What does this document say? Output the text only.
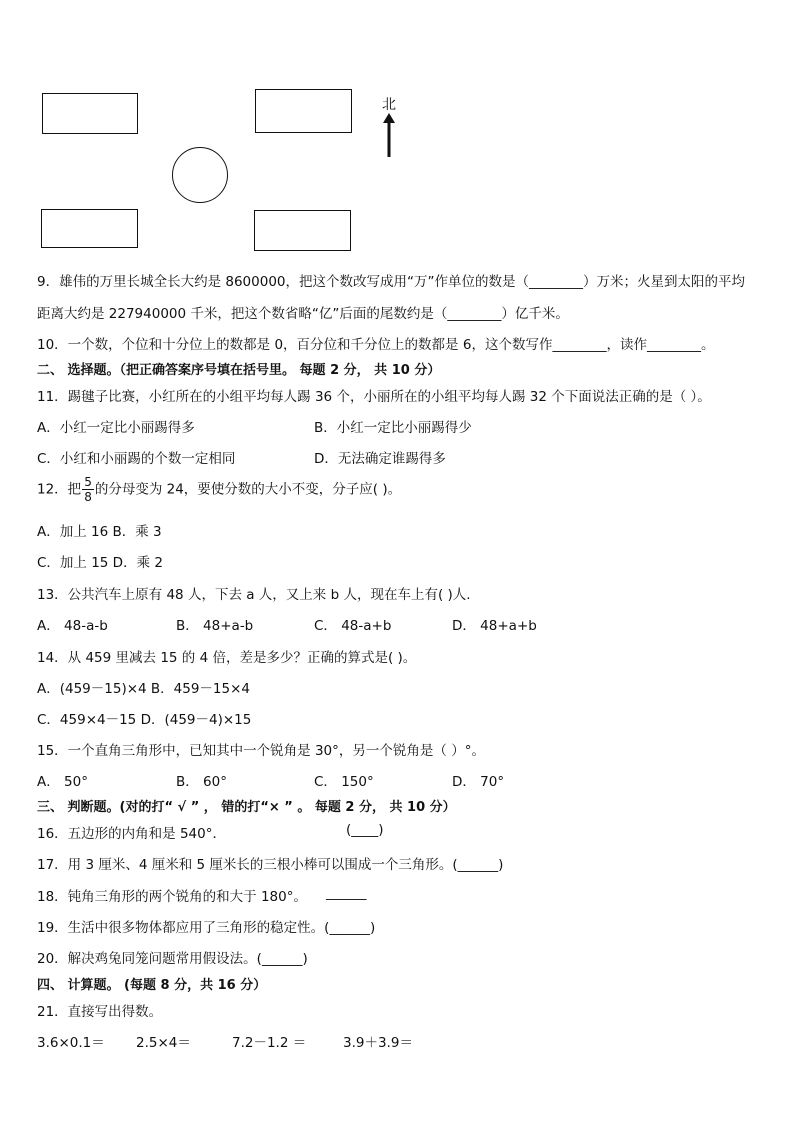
北
9．雄伟的万里长城全长大约是 8600000，把这个数改写成用“万”作单位的数是（________）万米；火星到太阳的平均
距离大约是 227940000 千米，把这个数省略“亿”后面的尾数约是（________）亿千米。
10．一个数，个位和十分位上的数都是 0，百分位和千分位上的数都是 6，这个数写作________，读作________。
二、 选择题。（把正确答案序号填在括号里。 每题 2 分， 共 10 分）
11．踢毽子比赛，小红所在的小组平均每人踢 36 个，小丽所在的小组平均每人踢 32 个下面说法正确的是（ ）。
A．小红一定比小丽踢得多	B．小红一定比小丽踢得少
C．小红和小丽踢的个数一定相同	D．无法确定谁踢得多
12．把 $\frac{5}{8}$ 的分母变为 24，要使分数的大小不变，分子应( )。
A．加上 16 B．乘 3
C．加上 15 D．乘 2
13．公共汽车上原有 48 人，下去 a 人，又上来 b 人，现在车上有( )人.
A． 48-a-b	B． 48+a-b	C． 48-a+b	D． 48+a+b
14．从 459 里减去 15 的 4 倍，差是多少？正确的算式是( )。
A．(459－15)×4 B．459－15×4
C．459×4－15 D．(459－4)×15
15．一个直角三角形中，已知其中一个锐角是 30°，另一个锐角是（ ）°。
A． 50°	B． 60°	C． 150°	D． 70°
三、 判断题。(对的打“ √ ” ， 错的打“× ” 。 每题 2 分， 共 10 分）
16．五边形的内角和是 540°．	(____)
17．用 3 厘米、4 厘米和 5 厘米长的三根小棒可以围成一个三角形。(______)
18．钝角三角形的两个锐角的和大于 180°。 ______
19．生活中很多物体都应用了三角形的稳定性。(______)
20．解决鸡兔同笼问题常用假设法。(______)
四、 计算题。 (每题 8 分，共 16 分）
21．直接写出得数。
3.6×0.1＝ 2.5×4＝	7.2－1.2 ＝	3.9＋3.9＝
